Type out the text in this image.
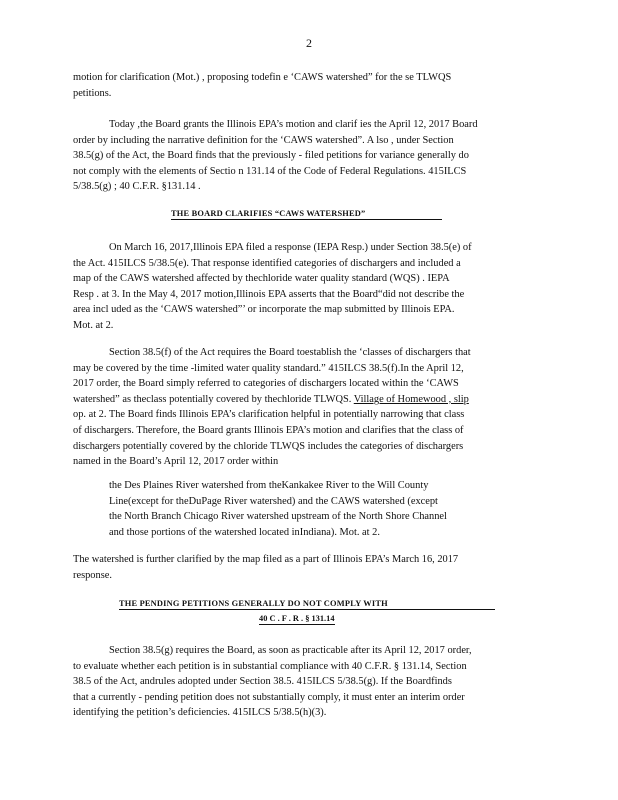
2
motion for clarification (Mot.) , proposing todefin e ‘CAWS watershed” for the se TLWQS
petitions.
Today ,the Board grants the Illinois EPA’s motion and clarif ies the April 12, 2017 Board
order by including the narrative definition for the ‘CAWS watershed”. A lso , under Section
38.5(g) of the Act, the Board finds that the previously - filed petitions for variance generally do
not comply with the elements of Sectio n 131.14 of the Code of Federal Regulations. 415ILCS
5/38.5(g) ; 40 C.F.R. §131.14 .
THE BOARD CLARIFIES “CAWS WATERSHED”
On March 16, 2017,Illinois EPA filed a response (IEPA Resp.) under Section 38.5(e) of
the Act. 415ILCS 5/38.5(e). That response identified categories of dischargers and included a
map of the CAWS watershed affected by thechloride water quality standard (WQS) . IEPA
Resp . at 3. In the May 4, 2017 motion,Illinois EPA asserts that the Board“did not describe the
area incl uded as the ‘CAWS watershed”’ or incorporate the map submitted by Illinois EPA.
Mot. at 2.
Section 38.5(f) of the Act requires the Board toestablish the ‘classes of dischargers that
may be covered by the time -limited water quality standard.” 415ILCS 38.5(f).In the April 12,
2017 order, the Board simply referred to categories of dischargers located within the ‘CAWS
watershed” as theclass potentially covered by thechloride TLWQS. Village of Homewood , slip
op. at 2. The Board finds Illinois EPA’s clarification helpful in potentially narrowing that class
of dischargers. Therefore, the Board grants Illinois EPA’s motion and clarifies that the class of
dischargers potentially covered by the chloride TLWQS includes the categories of dischargers
named in the Board’s April 12, 2017 order within
the Des Plaines River watershed from theKankakee River to the Will County
Line(except for theDuPage River watershed) and the CAWS watershed (except
the North Branch Chicago River watershed upstream of the North Shore Channel
and those portions of the watershed located inIndiana). Mot. at 2.
The watershed is further clarified by the map filed as a part of Illinois EPA’s March 16, 2017
response.
THE PENDING PETITIONS GENERALLY DO NOT COMPLY WITH
40 C . F . R . § 131.14
Section 38.5(g) requires the Board, as soon as practicable after its April 12, 2017 order,
to evaluate whether each petition is in substantial compliance with 40 C.F.R. § 131.14, Section
38.5 of the Act, andrules adopted under Section 38.5. 415ILCS 5/38.5(g). If the Boardfinds
that a currently - pending petition does not substantially comply, it must enter an interim order
identifying the petition’s deficiencies. 415ILCS 5/38.5(h)(3).
